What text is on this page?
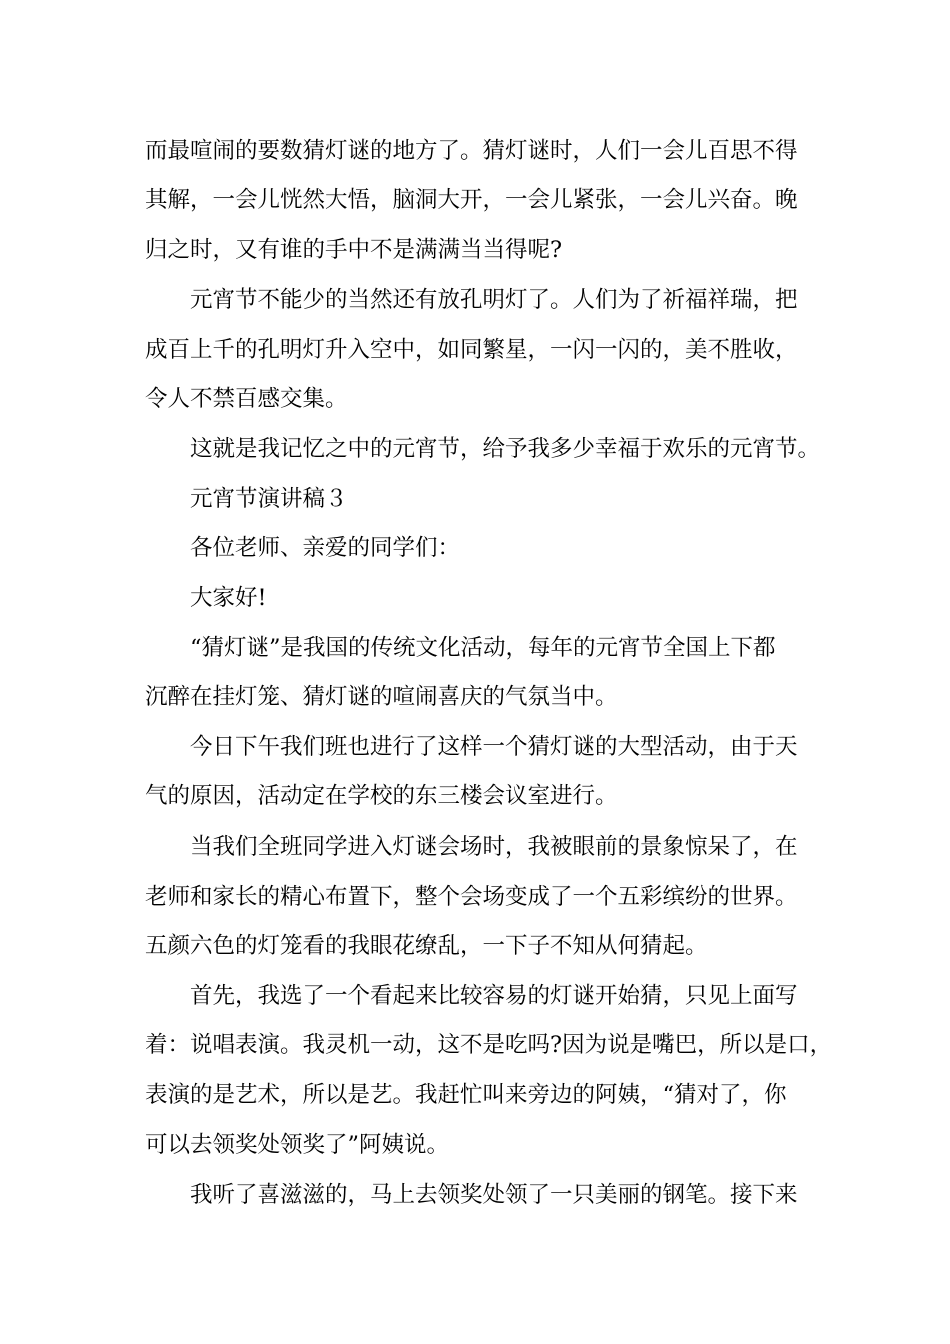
而最喧闹的要数猜灯谜的地方了。猜灯谜时，人们一会儿百思不得
其解，一会儿恍然大悟，脑洞大开，一会儿紧张，一会儿兴奋。晚
归之时，又有谁的手中不是满满当当得呢?
元宵节不能少的当然还有放孔明灯了。人们为了祈福祥瑞，把
成百上千的孔明灯升入空中，如同繁星，一闪一闪的，美不胜收，
令人不禁百感交集。
这就是我记忆之中的元宵节，给予我多少幸福于欢乐的元宵节。
元宵节演讲稿３
各位老师、亲爱的同学们：
大家好!
“猜灯谜”是我国的传统文化活动，每年的元宵节全国上下都
沉醉在挂灯笼、猜灯谜的喧闹喜庆的气氛当中。
今日下午我们班也进行了这样一个猜灯谜的大型活动，由于天
气的原因，活动定在学校的东三楼会议室进行。
当我们全班同学进入灯谜会场时，我被眼前的景象惊呆了，在
老师和家长的精心布置下，整个会场变成了一个五彩缤纷的世界。
五颜六色的灯笼看的我眼花缭乱，一下子不知从何猜起。
首先，我选了一个看起来比较容易的灯谜开始猜，只见上面写
着：说唱表演。我灵机一动，这不是吃吗?因为说是嘴巴，所以是口，
表演的是艺术，所以是艺。我赶忙叫来旁边的阿姨，“猜对了，你
可以去领奖处领奖了”阿姨说。
我听了喜滋滋的，马上去领奖处领了一只美丽的钢笔。接下来
